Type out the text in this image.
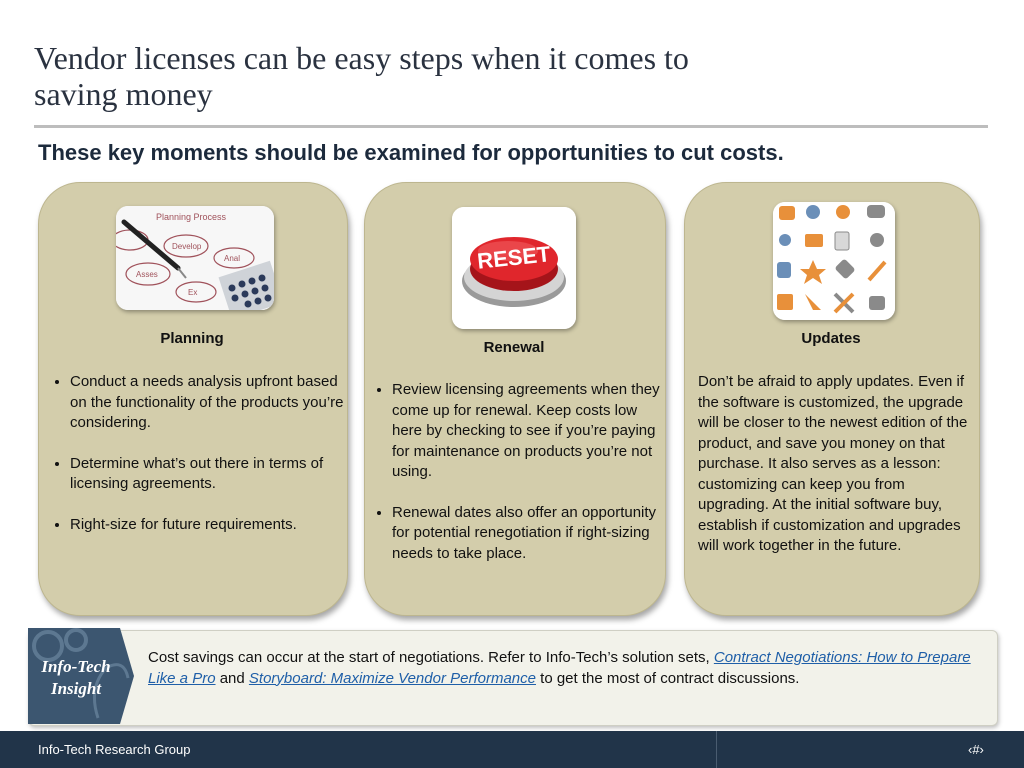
Vendor licenses can be easy steps when it comes to
saving money
These key moments should be examined for opportunities to cut costs.
Planning Process
Develop
Anal
Asses
Ex
Planning
• Conduct a needs analysis upfront based on the functionality of the products you’re considering.
• Determine what’s out there in terms of licensing agreements.
• Right-size for future requirements.
RESET
Renewal
• Review licensing agreements when they come up for renewal. Keep costs low here by checking to see if you’re paying for maintenance on products you’re not using.
• Renewal dates also offer an opportunity for potential renegotiation if right-sizing needs to take place.
Updates
Don’t be afraid to apply updates. Even if the software is customized, the upgrade will be closer to the newest edition of the product, and save you money on that purchase. It also serves as a lesson: customizing can keep you from upgrading. At the initial software buy, establish if customization and upgrades will work together in the future.
Info-Tech
Insight
Cost savings can occur at the start of negotiations. Refer to Info-Tech’s solution sets, Contract Negotiations: How to Prepare Like a Pro and Storyboard: Maximize Vendor Performance to get the most of contract discussions.
Info-Tech Research Group	‹#›
